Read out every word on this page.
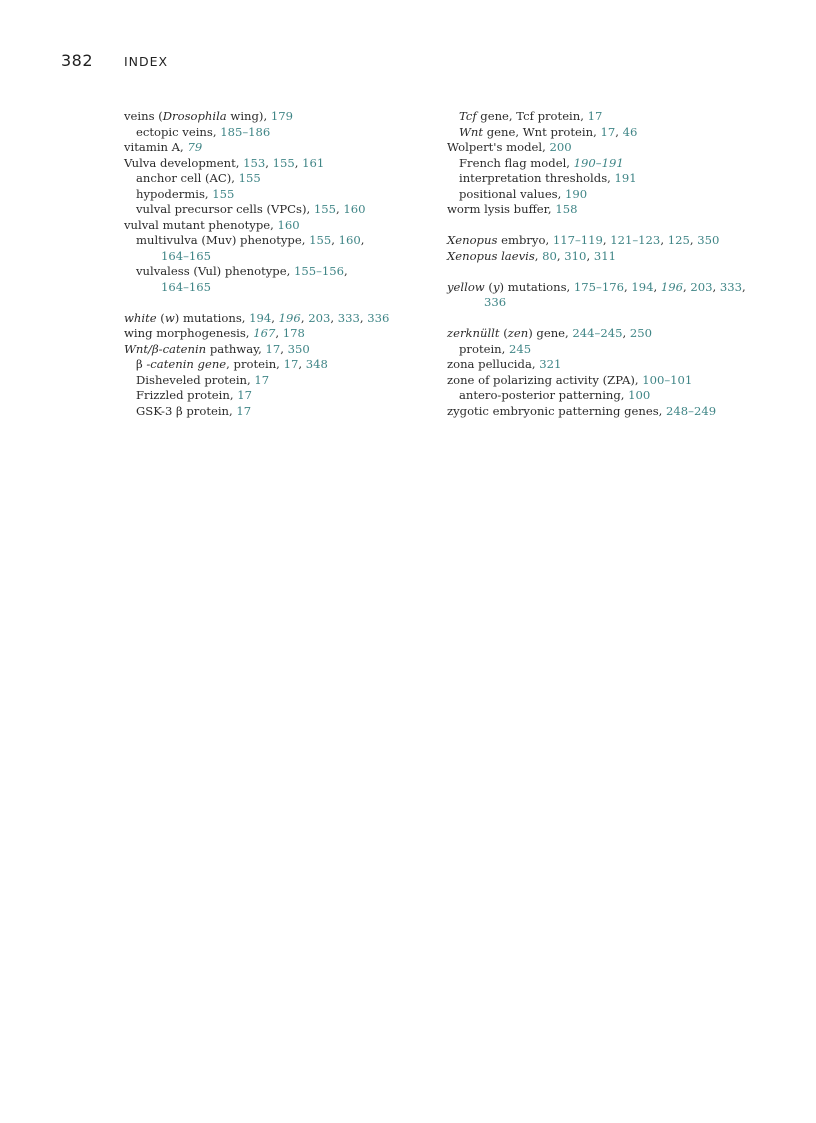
382 INDEX
veins (Drosophila wing), 179
ectopic veins, 185–186
vitamin A, 79
Vulva development, 153, 155, 161
anchor cell (AC), 155
hypodermis, 155
vulval precursor cells (VPCs), 155, 160
vulval mutant phenotype, 160
multivulva (Muv) phenotype, 155, 160,
164–165
vulvaless (Vul) phenotype, 155–156,
164–165
white (w) mutations, 194, 196, 203, 333, 336
wing morphogenesis, 167, 178
Wnt/β-catenin pathway, 17, 350
β -catenin gene, protein, 17, 348
Disheveled protein, 17
Frizzled protein, 17
GSK-3 β protein, 17
Tcf gene, Tcf protein, 17
Wnt gene, Wnt protein, 17, 46
Wolpert's model, 200
French flag model, 190–191
interpretation thresholds, 191
positional values, 190
worm lysis buffer, 158
Xenopus embryo, 117–119, 121–123, 125, 350
Xenopus laevis, 80, 310, 311
yellow (y) mutations, 175–176, 194, 196, 203, 333,
336
zerknüllt (zen) gene, 244–245, 250
protein, 245
zona pellucida, 321
zone of polarizing activity (ZPA), 100–101
antero-posterior patterning, 100
zygotic embryonic patterning genes, 248–249
